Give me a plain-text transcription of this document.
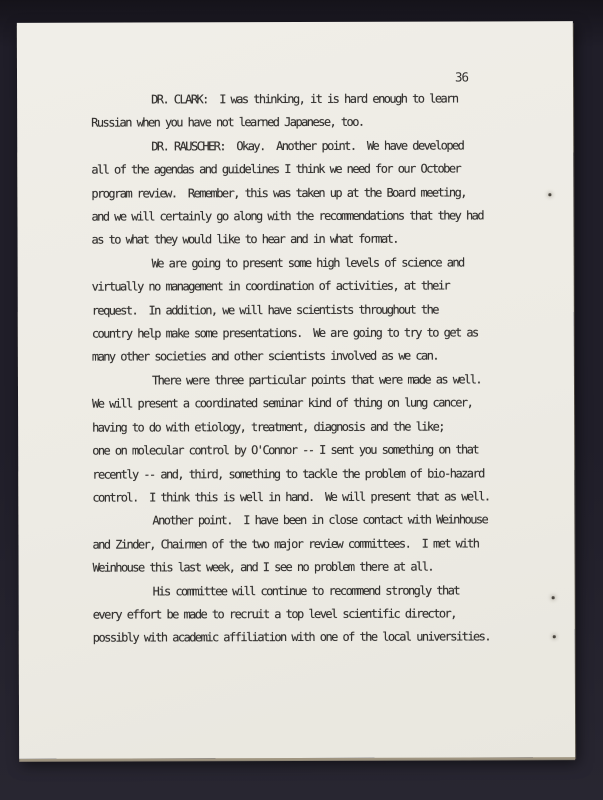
36
DR. CLARK:  I was thinking, it is hard enough to learn
Russian when you have not learned Japanese, too.
DR. RAUSCHER:  Okay.  Another point.  We have developed
all of the agendas and guidelines I think we need for our October
program review.  Remember, this was taken up at the Board meeting,
and we will certainly go along with the recommendations that they had
as to what they would like to hear and in what format.
We are going to present some high levels of science and
virtually no management in coordination of activities, at their
request.  In addition, we will have scientists throughout the
country help make some presentations.  We are going to try to get as
many other societies and other scientists involved as we can.
There were three particular points that were made as well.
We will present a coordinated seminar kind of thing on lung cancer,
having to do with etiology, treatment, diagnosis and the like;
one on molecular control by O'Connor -- I sent you something on that
recently -- and, third, something to tackle the problem of bio-hazard
control.  I think this is well in hand.  We will present that as well.
Another point.  I have been in close contact with Weinhouse
and Zinder, Chairmen of the two major review committees.  I met with
Weinhouse this last week, and I see no problem there at all.
His committee will continue to recommend strongly that
every effort be made to recruit a top level scientific director,
possibly with academic affiliation with one of the local universities.
